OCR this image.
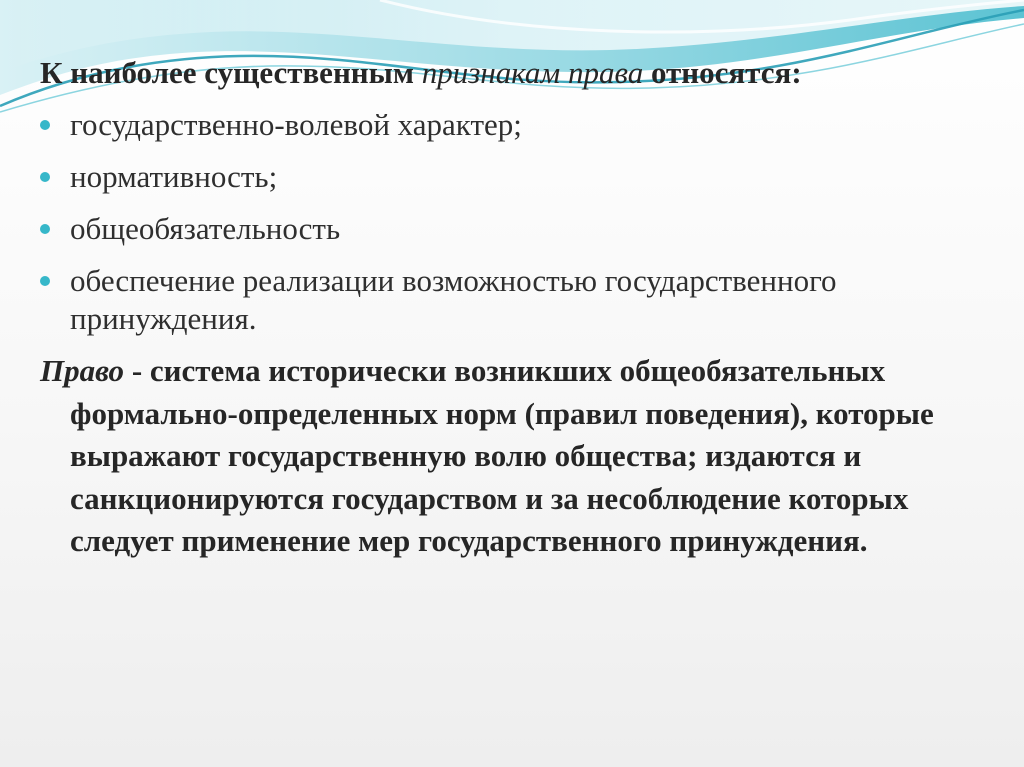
К наиболее существенным признакам права относятся:

государственно-волевой характер;
нормативность;
общеобязательность
обеспечение реализации возможностью государственного принуждения.

Право - система исторически возникших общеобязательных формально-определенных норм (правил поведения), которые выражают государственную волю общества; издаются и санкционируются государством и за несоблюдение которых следует применение мер государственного принуждения.
